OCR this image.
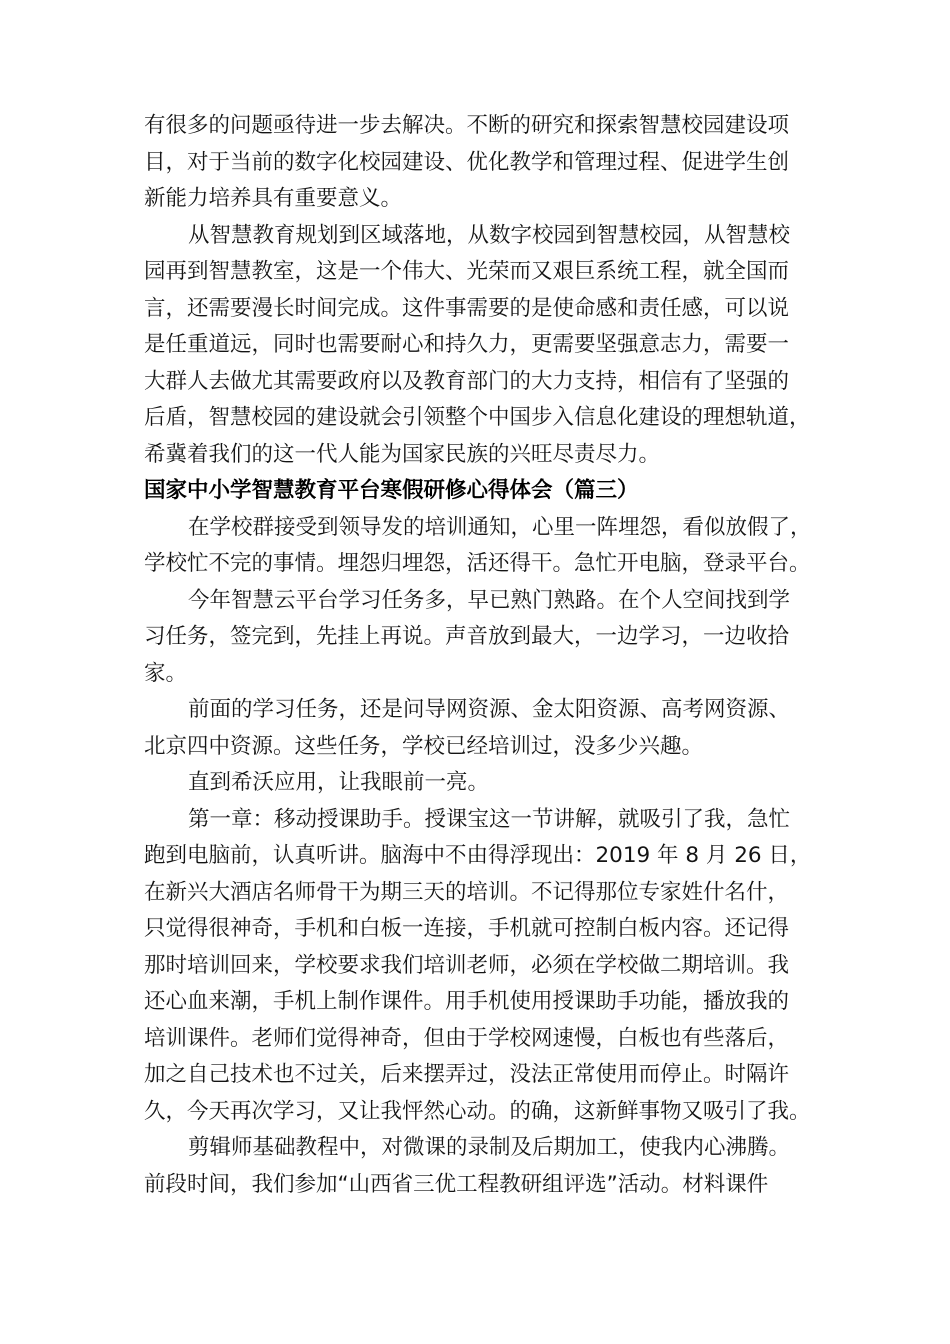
有很多的问题亟待进一步去解决。不断的研究和探索智慧校园建设项
目，对于当前的数字化校园建设、优化教学和管理过程、促进学生创
新能力培养具有重要意义。
从智慧教育规划到区域落地，从数字校园到智慧校园，从智慧校
园再到智慧教室，这是一个伟大、光荣而又艰巨系统工程，就全国而
言，还需要漫长时间完成。这件事需要的是使命感和责任感，可以说
是任重道远，同时也需要耐心和持久力，更需要坚强意志力，需要一
大群人去做尤其需要政府以及教育部门的大力支持，相信有了坚强的
后盾，智慧校园的建设就会引领整个中国步入信息化建设的理想轨道，
希冀着我们的这一代人能为国家民族的兴旺尽责尽力。
国家中小学智慧教育平台寒假研修心得体会（篇三）
在学校群接受到领导发的培训通知，心里一阵埋怨，看似放假了，
学校忙不完的事情。埋怨归埋怨，活还得干。急忙开电脑，登录平台。
今年智慧云平台学习任务多，早已熟门熟路。在个人空间找到学
习任务，签完到，先挂上再说。声音放到最大，一边学习，一边收拾
家。
前面的学习任务，还是问导网资源、金太阳资源、高考网资源、
北京四中资源。这些任务，学校已经培训过，没多少兴趣。
直到希沃应用，让我眼前一亮。
第一章：移动授课助手。授课宝这一节讲解，就吸引了我，急忙
跑到电脑前，认真听讲。脑海中不由得浮现出：2019 年 8 月 26 日，
在新兴大酒店名师骨干为期三天的培训。不记得那位专家姓什名什，
只觉得很神奇，手机和白板一连接，手机就可控制白板内容。还记得
那时培训回来，学校要求我们培训老师，必须在学校做二期培训。我
还心血来潮，手机上制作课件。用手机使用授课助手功能，播放我的
培训课件。老师们觉得神奇，但由于学校网速慢，白板也有些落后，
加之自己技术也不过关，后来摆弄过，没法正常使用而停止。时隔许
久，今天再次学习，又让我怦然心动。的确，这新鲜事物又吸引了我。
剪辑师基础教程中，对微课的录制及后期加工，使我内心沸腾。
前段时间，我们参加“山西省三优工程教研组评选”活动。材料课件
